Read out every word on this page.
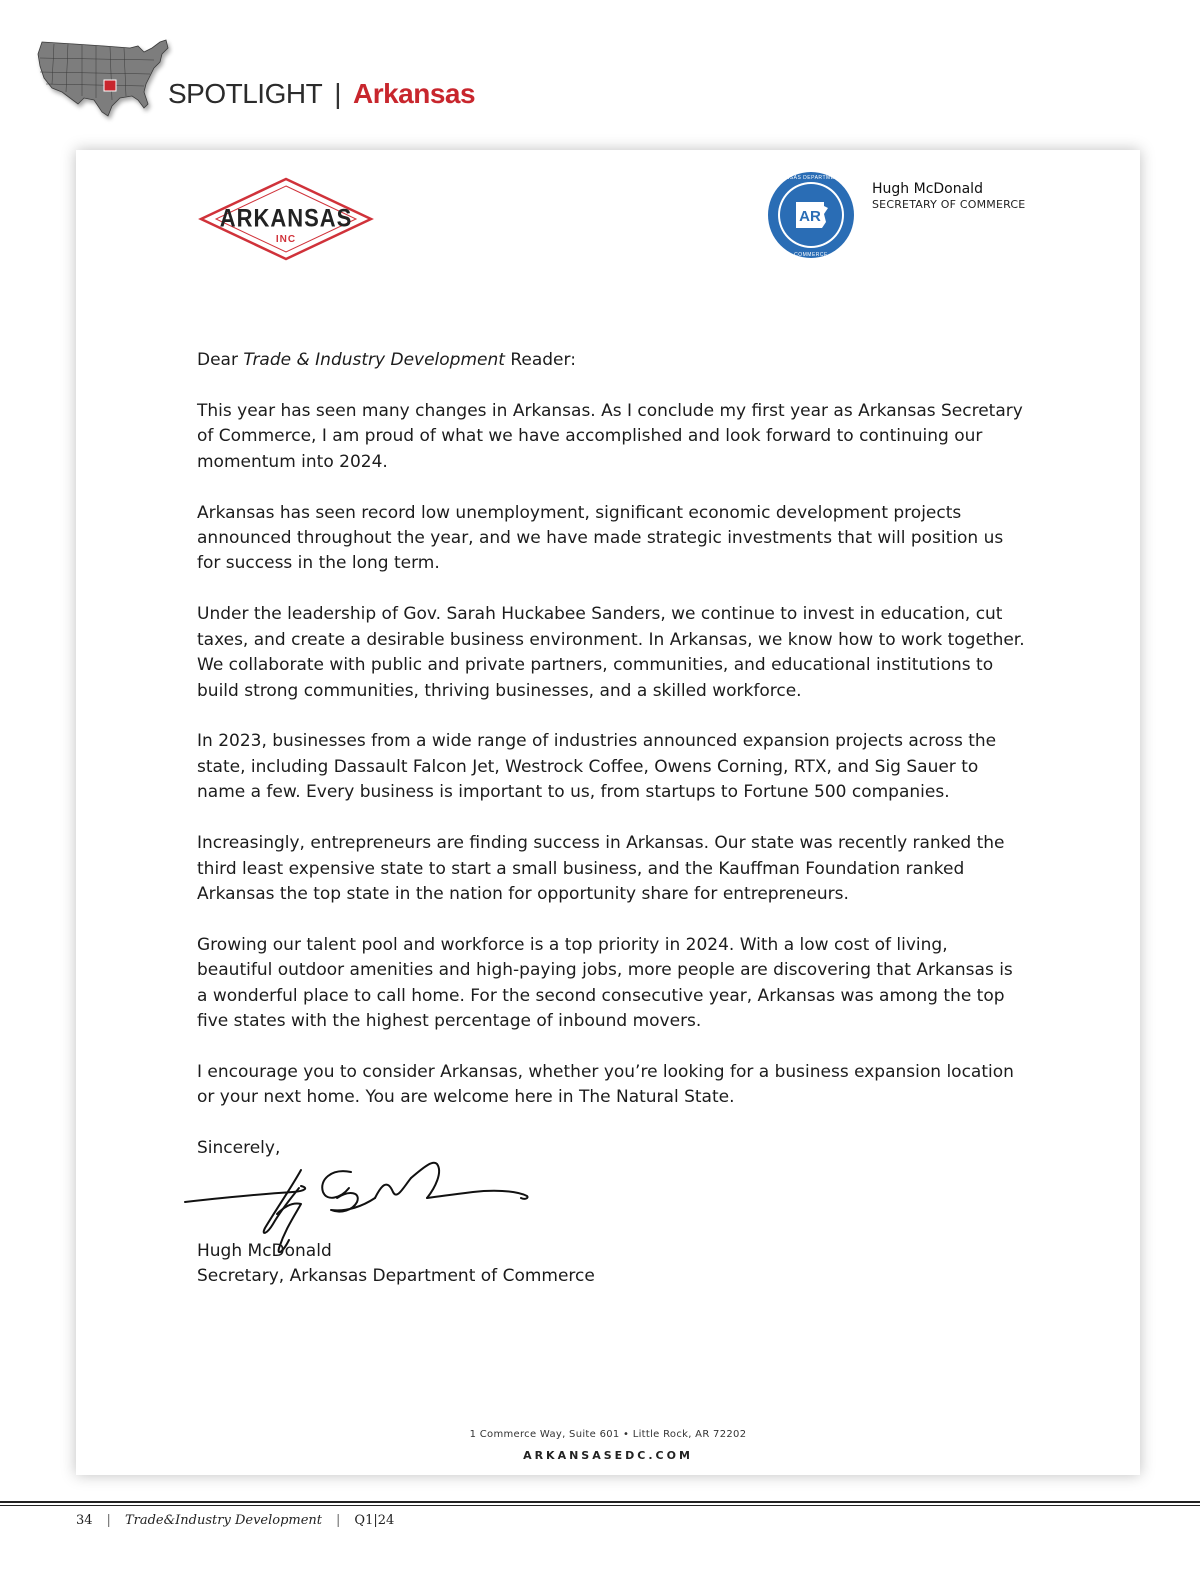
SPOTLIGHT | Arkansas
ARKANSAS
INC
AR
ARKANSAS DEPARTMENT OF
COMMERCE
Hugh McDonald
SECRETARY OF COMMERCE

Dear Trade & Industry Development Reader:

This year has seen many changes in Arkansas. As I conclude my first year as Arkansas Secretary of Commerce, I am proud of what we have accomplished and look forward to continuing our momentum into 2024.

Arkansas has seen record low unemployment, significant economic development projects announced throughout the year, and we have made strategic investments that will position us for success in the long term.

Under the leadership of Gov. Sarah Huckabee Sanders, we continue to invest in education, cut taxes, and create a desirable business environment. In Arkansas, we know how to work together. We collaborate with public and private partners, communities, and educational institutions to build strong communities, thriving businesses, and a skilled workforce.

In 2023, businesses from a wide range of industries announced expansion projects across the state, including Dassault Falcon Jet, Westrock Coffee, Owens Corning, RTX, and Sig Sauer to name a few. Every business is important to us, from startups to Fortune 500 companies.

Increasingly, entrepreneurs are finding success in Arkansas. Our state was recently ranked the third least expensive state to start a small business, and the Kauffman Foundation ranked Arkansas the top state in the nation for opportunity share for entrepreneurs.

Growing our talent pool and workforce is a top priority in 2024. With a low cost of living, beautiful outdoor amenities and high-paying jobs, more people are discovering that Arkansas is a wonderful place to call home. For the second consecutive year, Arkansas was among the top five states with the highest percentage of inbound movers.

I encourage you to consider Arkansas, whether you’re looking for a business expansion location or your next home. You are welcome here in The Natural State.

Sincerely,

Hugh McDonald
Secretary, Arkansas Department of Commerce
1 Commerce Way, Suite 601 • Little Rock, AR 72202
ARKANSASEDC.COM
34 | Trade&Industry Development | Q1|24
